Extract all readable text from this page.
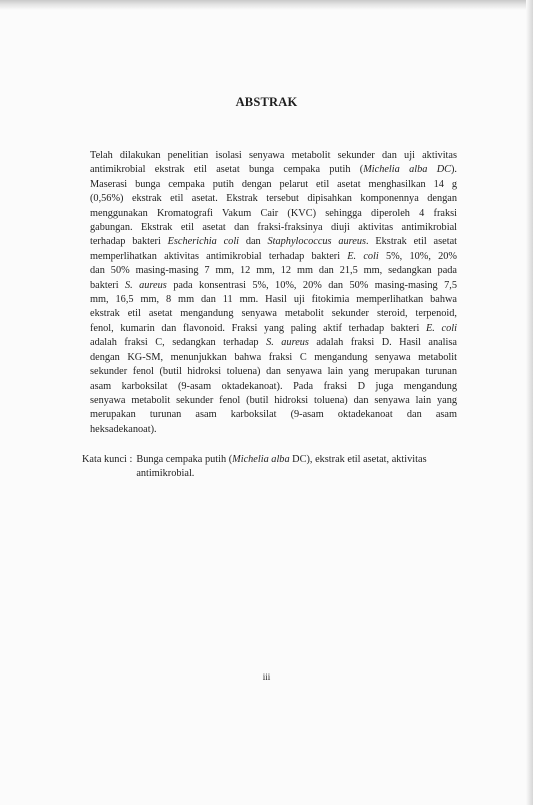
ABSTRAK
Telah dilakukan penelitian isolasi senyawa metabolit sekunder dan uji aktivitas
antimikrobial ekstrak etil asetat bunga cempaka putih (Michelia alba DC).
Maserasi bunga cempaka putih dengan pelarut etil asetat menghasilkan 14 g
(0,56%) ekstrak etil asetat. Ekstrak tersebut dipisahkan komponennya dengan
menggunakan Kromatografi Vakum Cair (KVC) sehingga diperoleh 4 fraksi
gabungan. Ekstrak etil asetat dan fraksi-fraksinya diuji aktivitas antimikrobial
terhadap bakteri Escherichia coli dan Staphylococcus aureus. Ekstrak etil asetat
memperlihatkan aktivitas antimikrobial terhadap bakteri E. coli 5%, 10%, 20%
dan 50% masing-masing 7 mm, 12 mm, 12 mm dan 21,5 mm, sedangkan pada
bakteri S. aureus pada konsentrasi 5%, 10%, 20% dan 50% masing-masing 7,5
mm, 16,5 mm, 8 mm dan 11 mm. Hasil uji fitokimia memperlihatkan bahwa
ekstrak etil asetat mengandung senyawa metabolit sekunder steroid, terpenoid,
fenol, kumarin dan flavonoid. Fraksi yang paling aktif terhadap bakteri E. coli
adalah fraksi C, sedangkan terhadap S. aureus adalah fraksi D. Hasil analisa
dengan KG-SM, menunjukkan bahwa fraksi C mengandung senyawa metabolit
sekunder fenol (butil hidroksi toluena) dan senyawa lain yang merupakan turunan
asam karboksilat (9-asam oktadekanoat). Pada fraksi D juga mengandung
senyawa metabolit sekunder fenol (butil hidroksi toluena) dan senyawa lain yang
merupakan turunan asam karboksilat (9-asam oktadekanoat dan asam
heksadekanoat).
Kata kunci : Bunga cempaka putih (Michelia alba DC), ekstrak etil asetat, aktivitas
antimikrobial.
iii
